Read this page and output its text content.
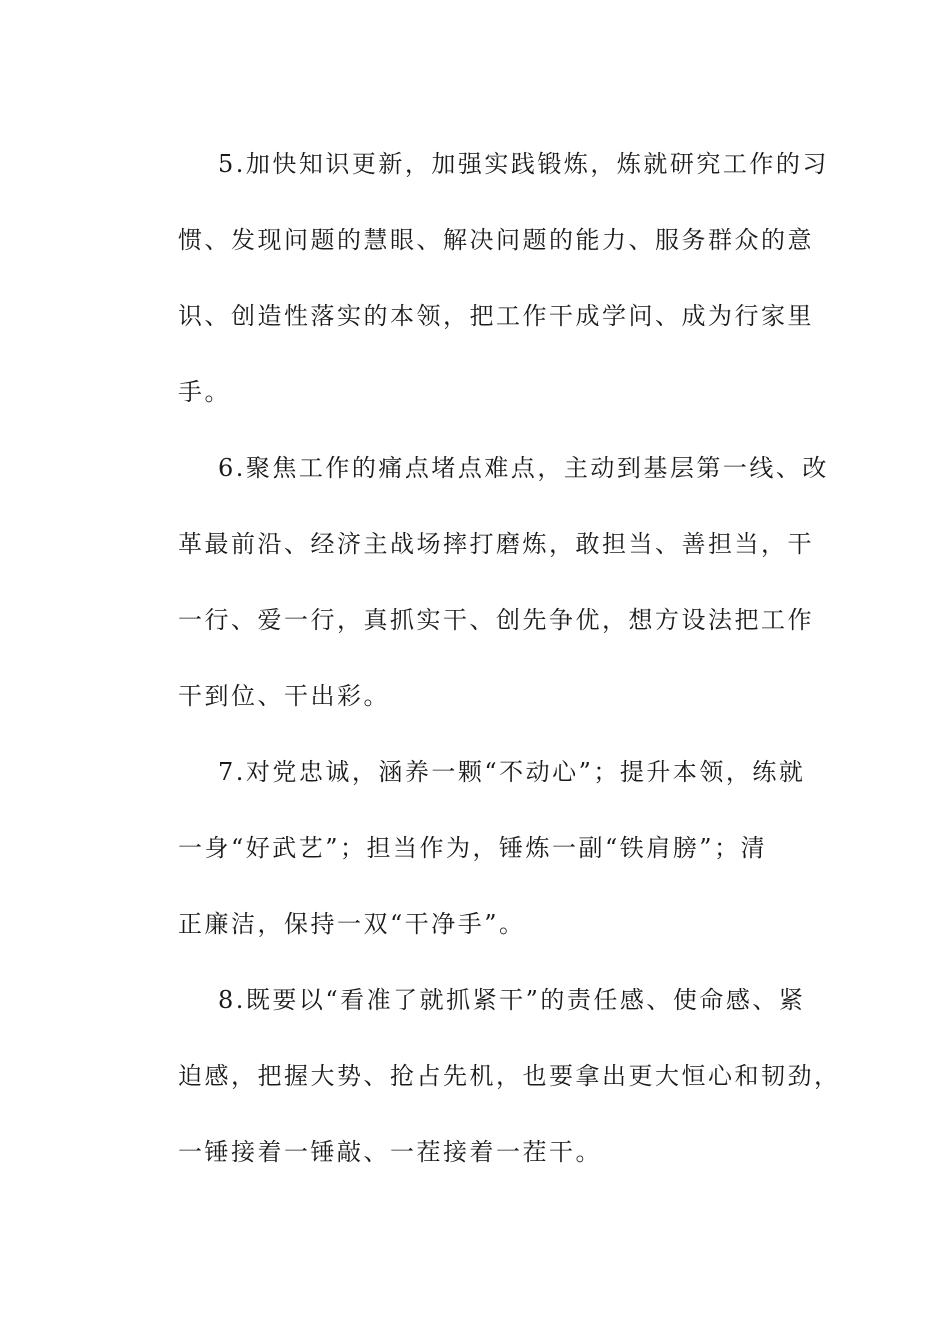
5.加快知识更新，加强实践锻炼，炼就研究工作的习
惯、发现问题的慧眼、解决问题的能力、服务群众的意
识、创造性落实的本领，把工作干成学问、成为行家里
手。

6.聚焦工作的痛点堵点难点，主动到基层第一线、改
革最前沿、经济主战场摔打磨炼，敢担当、善担当，干
一行、爱一行，真抓实干、创先争优，想方设法把工作
干到位、干出彩。

7.对党忠诚，涵养一颗“不动心”；提升本领，练就
一身“好武艺”；担当作为，锤炼一副“铁肩膀”；清
正廉洁，保持一双“干净手”。

8.既要以“看准了就抓紧干”的责任感、使命感、紧
迫感，把握大势、抢占先机，也要拿出更大恒心和韧劲，
一锤接着一锤敲、一茬接着一茬干。
